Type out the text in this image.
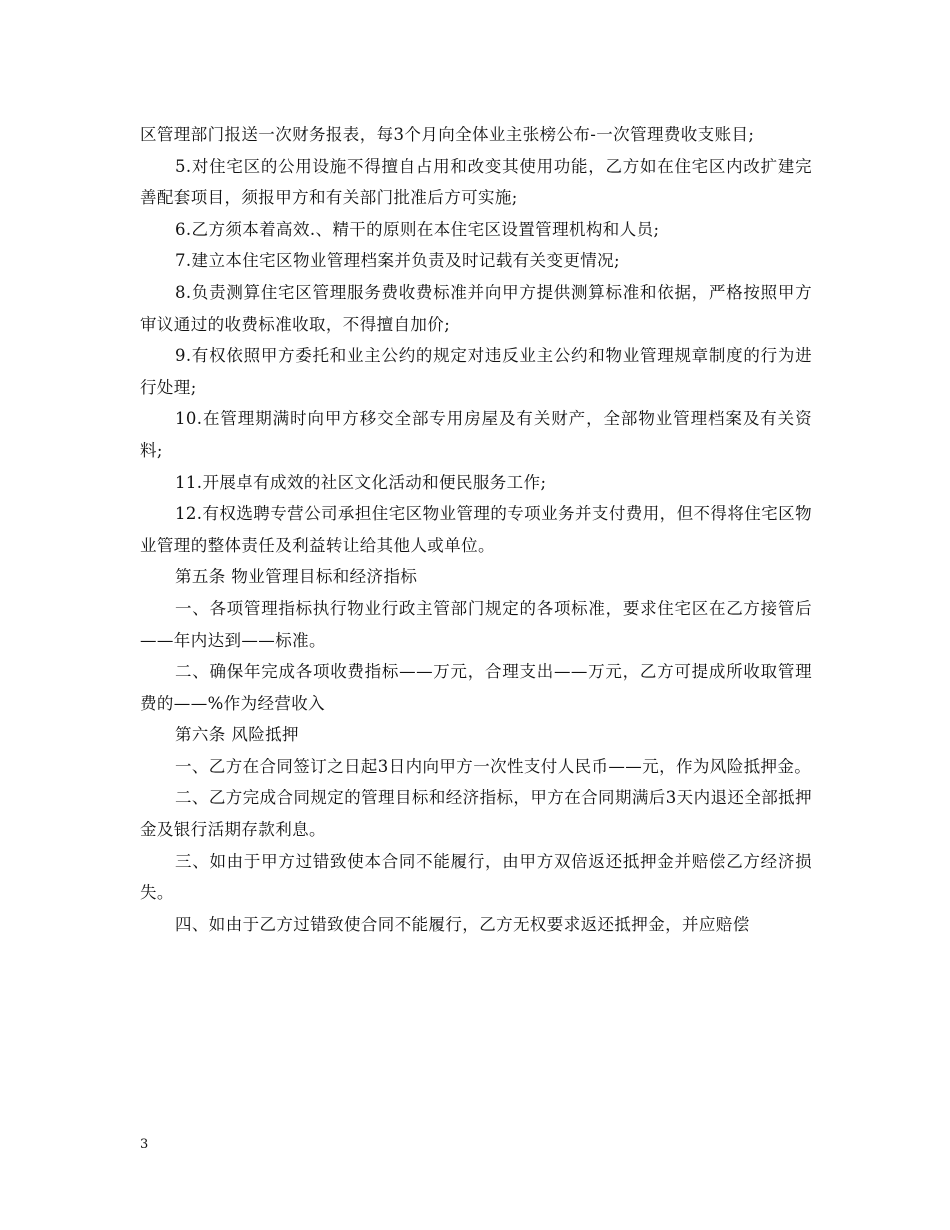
区管理部门报送一次财务报表，每3个月向全体业主张榜公布-一次管理费收支账目;

5.对住宅区的公用设施不得擅自占用和改变其使用功能，乙方如在住宅区内改扩建完善配套项目，须报甲方和有关部门批准后方可实施;

6.乙方须本着高效.、精干的原则在本住宅区设置管理机构和人员;

7.建立本住宅区物业管理档案并负责及时记载有关变更情况;

8.负责测算住宅区管理服务费收费标准并向甲方提供测算标准和依据，严格按照甲方审议通过的收费标准收取，不得擅自加价;

9.有权依照甲方委托和业主公约的规定对违反业主公约和物业管理规章制度的行为进行处理;

10.在管理期满时向甲方移交全部专用房屋及有关财产，全部物业管理档案及有关资料;

11.开展卓有成效的社区文化活动和便民服务工作;

12.有权选聘专营公司承担住宅区物业管理的专项业务并支付费用，但不得将住宅区物业管理的整体责任及利益转让给其他人或单位。

第五条 物业管理目标和经济指标

一、各项管理指标执行物业行政主管部门规定的各项标准，要求住宅区在乙方接管后——年内达到——标准。

二、确保年完成各项收费指标——万元，合理支出——万元，乙方可提成所收取管理费的——%作为经营收入

第六条 风险抵押

一、乙方在合同签订之日起3日内向甲方一次性支付人民币——元，作为风险抵押金。

二、乙方完成合同规定的管理目标和经济指标，甲方在合同期满后3天内退还全部抵押金及银行活期存款利息。

三、如由于甲方过错致使本合同不能履行，由甲方双倍返还抵押金并赔偿乙方经济损失。

四、如由于乙方过错致使合同不能履行，乙方无权要求返还抵押金，并应赔偿

3
